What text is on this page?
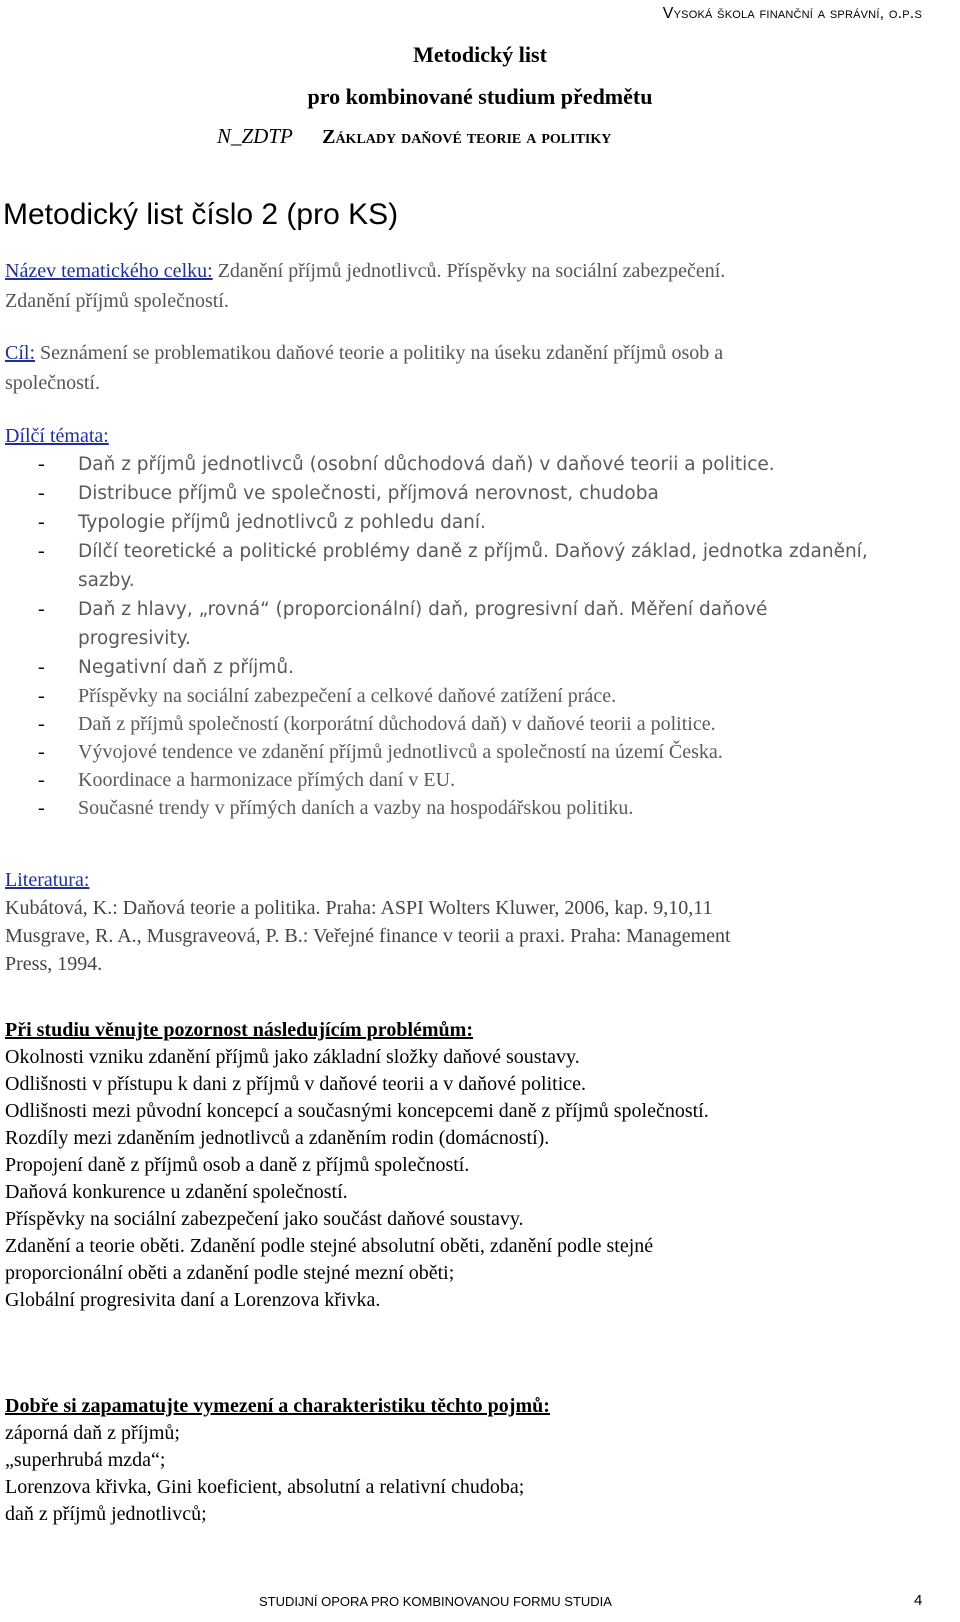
Vysoká škola finanční a správní, o.p.s
Metodický list
pro kombinované studium předmětu
N_ZDTP Základy daňové teorie a politiky
Metodický list číslo 2 (pro KS)
Název tematického celku: Zdanění příjmů jednotlivců. Příspěvky na sociální zabezpečení.
Zdanění příjmů společností.
Cíl: Seznámení se problematikou daňové teorie a politiky na úseku zdanění příjmů osob a
společností.
Dílčí témata:
- Daň z příjmů jednotlivců (osobní důchodová daň) v daňové teorii a politice.
- Distribuce příjmů ve společnosti, příjmová nerovnost, chudoba
- Typologie příjmů jednotlivců z pohledu daní.
- Dílčí teoretické a politické problémy daně z příjmů. Daňový základ, jednotka zdanění,
sazby.
- Daň z hlavy, „rovná“ (proporcionální) daň, progresivní daň. Měření daňové
progresivity.
- Negativní daň z příjmů.
- Příspěvky na sociální zabezpečení a celkové daňové zatížení práce.
- Daň z příjmů společností (korporátní důchodová daň) v daňové teorii a politice.
- Vývojové tendence ve zdanění příjmů jednotlivců a společností na území Česka.
- Koordinace a harmonizace přímých daní v EU.
- Současné trendy v přímých daních a vazby na hospodářskou politiku.
Literatura:
Kubátová, K.: Daňová teorie a politika. Praha: ASPI Wolters Kluwer, 2006, kap. 9,10,11
Musgrave, R. A., Musgraveová, P. B.: Veřejné finance v teorii a praxi. Praha: Management
Press, 1994.
Při studiu věnujte pozornost následujícím problémům:
Okolnosti vzniku zdanění příjmů jako základní složky daňové soustavy.
Odlišnosti v přístupu k dani z příjmů v daňové teorii a v daňové politice.
Odlišnosti mezi původní koncepcí a současnými koncepcemi daně z příjmů společností.
Rozdíly mezi zdaněním jednotlivců a zdaněním rodin (domácností).
Propojení daně z příjmů osob a daně z příjmů společností.
Daňová konkurence u zdanění společností.
Příspěvky na sociální zabezpečení jako součást daňové soustavy.
Zdanění a teorie oběti. Zdanění podle stejné absolutní oběti, zdanění podle stejné
proporcionální oběti a zdanění podle stejné mezní oběti;
Globální progresivita daní a Lorenzova křivka.
Dobře si zapamatujte vymezení a charakteristiku těchto pojmů:
záporná daň z příjmů;
„superhrubá mzda“;
Lorenzova křivka, Gini koeficient, absolutní a relativní chudoba;
daň z příjmů jednotlivců;
STUDIJNÍ OPORA PRO KOMBINOVANOU FORMU STUDIA	4
